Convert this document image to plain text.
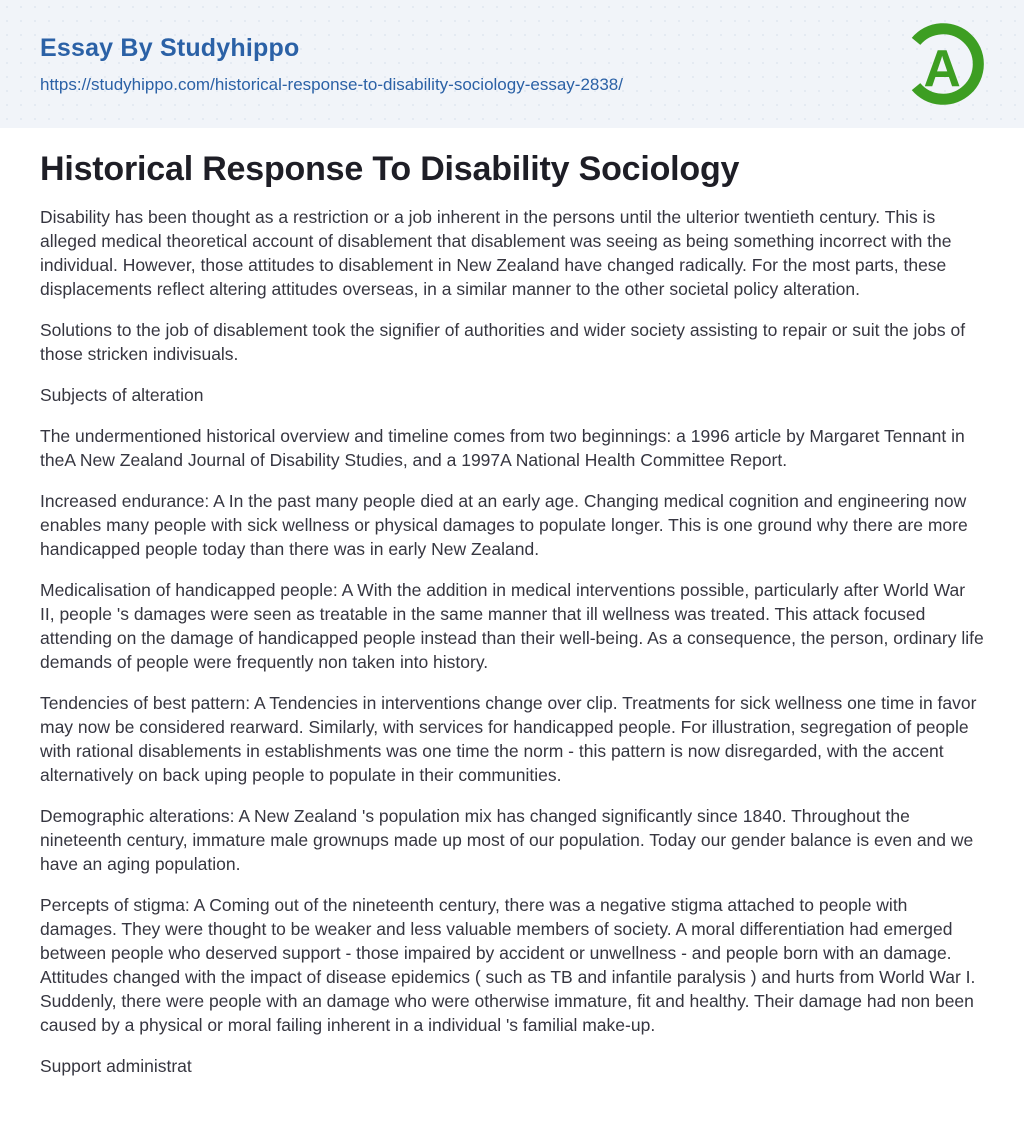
Essay By Studyhippo
https://studyhippo.com/historical-response-to-disability-sociology-essay-2838/	A
Historical Response To Disability Sociology

Disability has been thought as a restriction or a job inherent in the persons until the ulterior twentieth century. This is alleged medical theoretical account of disablement that disablement was seeing as being something incorrect with the individual. However, those attitudes to disablement in New Zealand have changed radically. For the most parts, these displacements reflect altering attitudes overseas, in a similar manner to the other societal policy alteration.

Solutions to the job of disablement took the signifier of authorities and wider society assisting to repair or suit the jobs of those stricken indivisuals.

Subjects of alteration

The undermentioned historical overview and timeline comes from two beginnings: a 1996 article by Margaret Tennant in theA New Zealand Journal of Disability Studies, and a 1997A National Health Committee Report.

Increased endurance: A In the past many people died at an early age. Changing medical cognition and engineering now enables many people with sick wellness or physical damages to populate longer. This is one ground why there are more handicapped people today than there was in early New Zealand.

Medicalisation of handicapped people: A With the addition in medical interventions possible, particularly after World War II, people 's damages were seen as treatable in the same manner that ill wellness was treated. This attack focused attending on the damage of handicapped people instead than their well-being. As a consequence, the person, ordinary life demands of people were frequently non taken into history.

Tendencies of best pattern: A Tendencies in interventions change over clip. Treatments for sick wellness one time in favor may now be considered rearward. Similarly, with services for handicapped people. For illustration, segregation of people with rational disablements in establishments was one time the norm - this pattern is now disregarded, with the accent alternatively on back uping people to populate in their communities.

Demographic alterations: A New Zealand 's population mix has changed significantly since 1840. Throughout the nineteenth century, immature male grownups made up most of our population. Today our gender balance is even and we have an aging population.

Percepts of stigma: A Coming out of the nineteenth century, there was a negative stigma attached to people with damages. They were thought to be weaker and less valuable members of society. A moral differentiation had emerged between people who deserved support - those impaired by accident or unwellness - and people born with an damage. Attitudes changed with the impact of disease epidemics ( such as TB and infantile paralysis ) and hurts from World War I. Suddenly, there were people with an damage who were otherwise immature, fit and healthy. Their damage had non been caused by a physical or moral failing inherent in a individual 's familial make-up.

Support administrat
